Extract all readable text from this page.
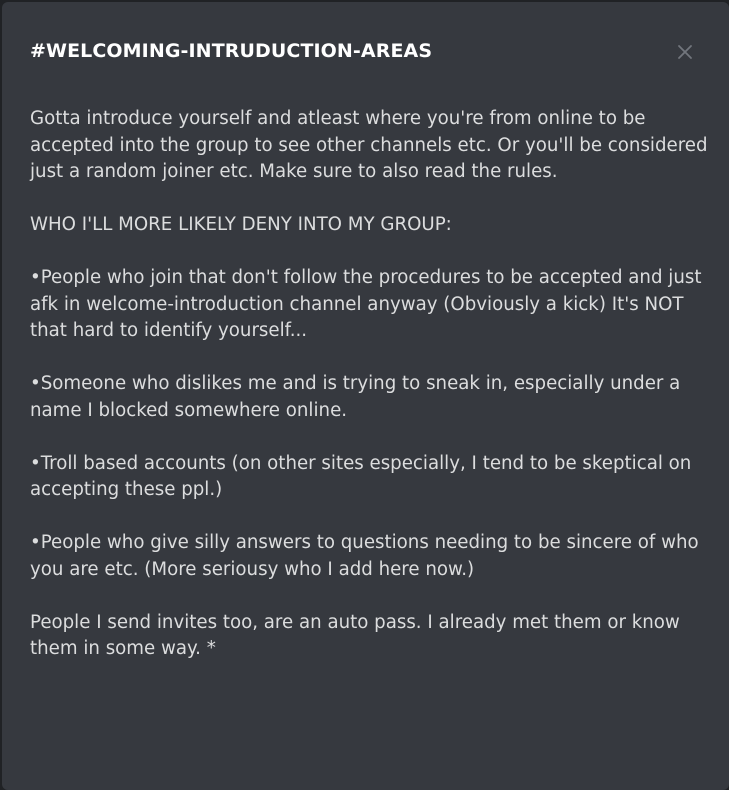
#WELCOMING-INTRUDUCTION-AREAS

Gotta introduce yourself and atleast where you're from online to be accepted into the group to see other channels etc. Or you'll be considered just a random joiner etc. Make sure to also read the rules.

WHO I'LL MORE LIKELY DENY INTO MY GROUP:

•People who join that don't follow the procedures to be accepted and just afk in welcome-introduction channel anyway (Obviously a kick) It's NOT that hard to identify yourself...

•Someone who dislikes me and is trying to sneak in, especially under a name I blocked somewhere online.

•Troll based accounts (on other sites especially, I tend to be skeptical on accepting these ppl.)

•People who give silly answers to questions needing to be sincere of who you are etc. (More seriousy who I add here now.)

People I send invites too, are an auto pass. I already met them or know them in some way. *
